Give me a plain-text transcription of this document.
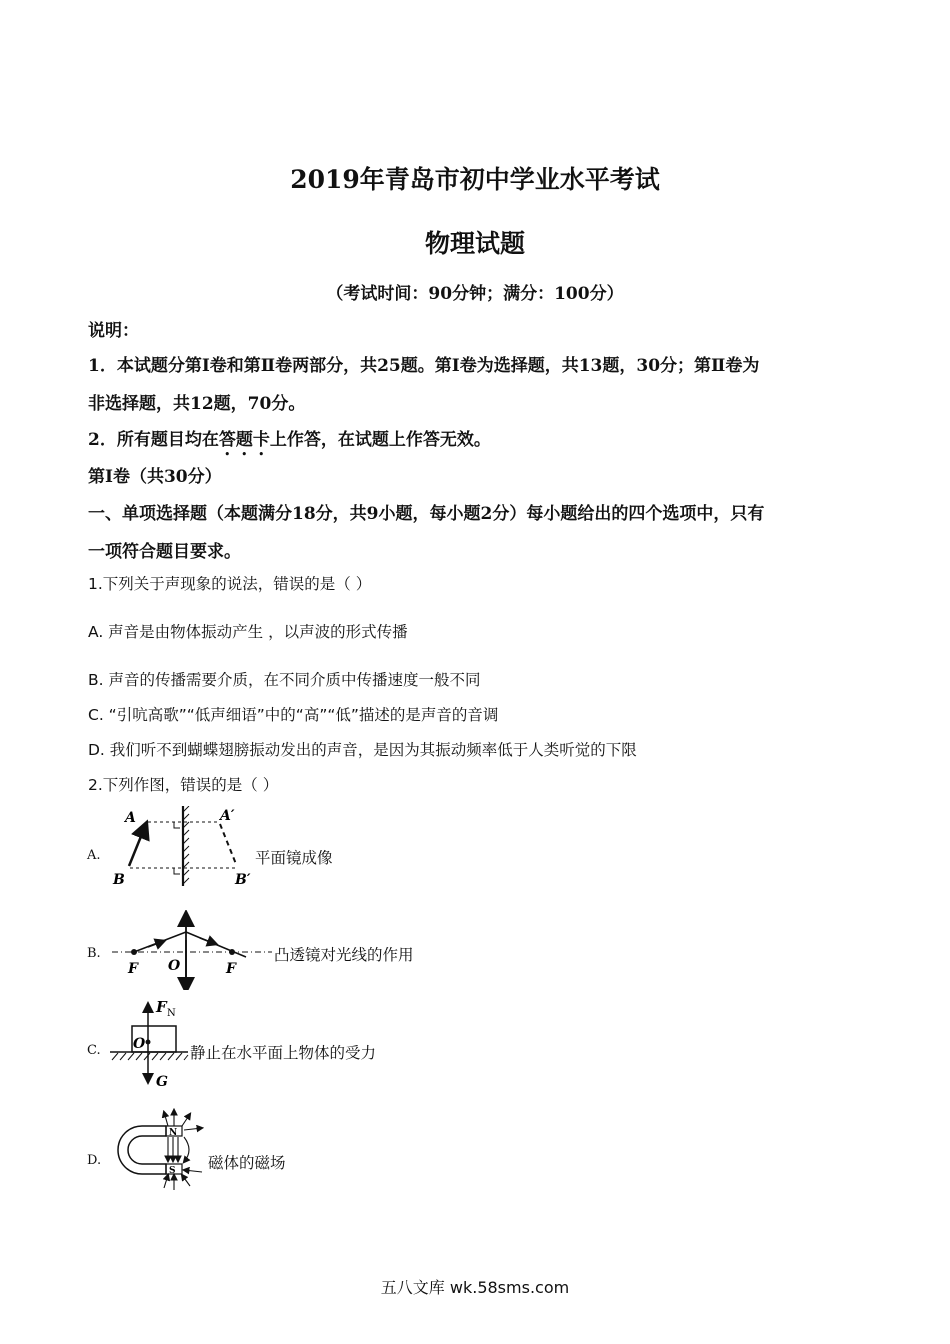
2019年青岛市初中学业水平考试
物理试题
（考试时间：90分钟；满分：100分）
说明：
1．本试题分第Ⅰ卷和第Ⅱ卷两部分，共25题。第Ⅰ卷为选择题，共13题，30分；第Ⅱ卷为
非选择题，共12题，70分。
2．所有题目均在答题卡上作答，在试题上作答无效。
第Ⅰ卷（共30分）
一、单项选择题（本题满分18分，共9小题，每小题2分）每小题给出的四个选项中，只有
一项符合题目要求。
1.下列关于声现象的说法，错误的是（ ）
A. 声音是由物体振动产生 ，以声波的形式传播
B. 声音的传播需要介质，在不同介质中传播速度一般不同
C. “引吭高歌”“低声细语”中的“高”“低”描述的是声音的音调
D. 我们听不到蝴蝶翅膀振动发出的声音，是因为其振动频率低于人类听觉的下限
2.下列作图，错误的是（ ）
A.
A	A′
B	B′
平面镜成像
B.
F O	F
凸透镜对光线的作用
C.
F N
O
G
静止在水平面上物体的受力
D.
N
S 磁体的磁场
五八文库 wk.58sms.com
